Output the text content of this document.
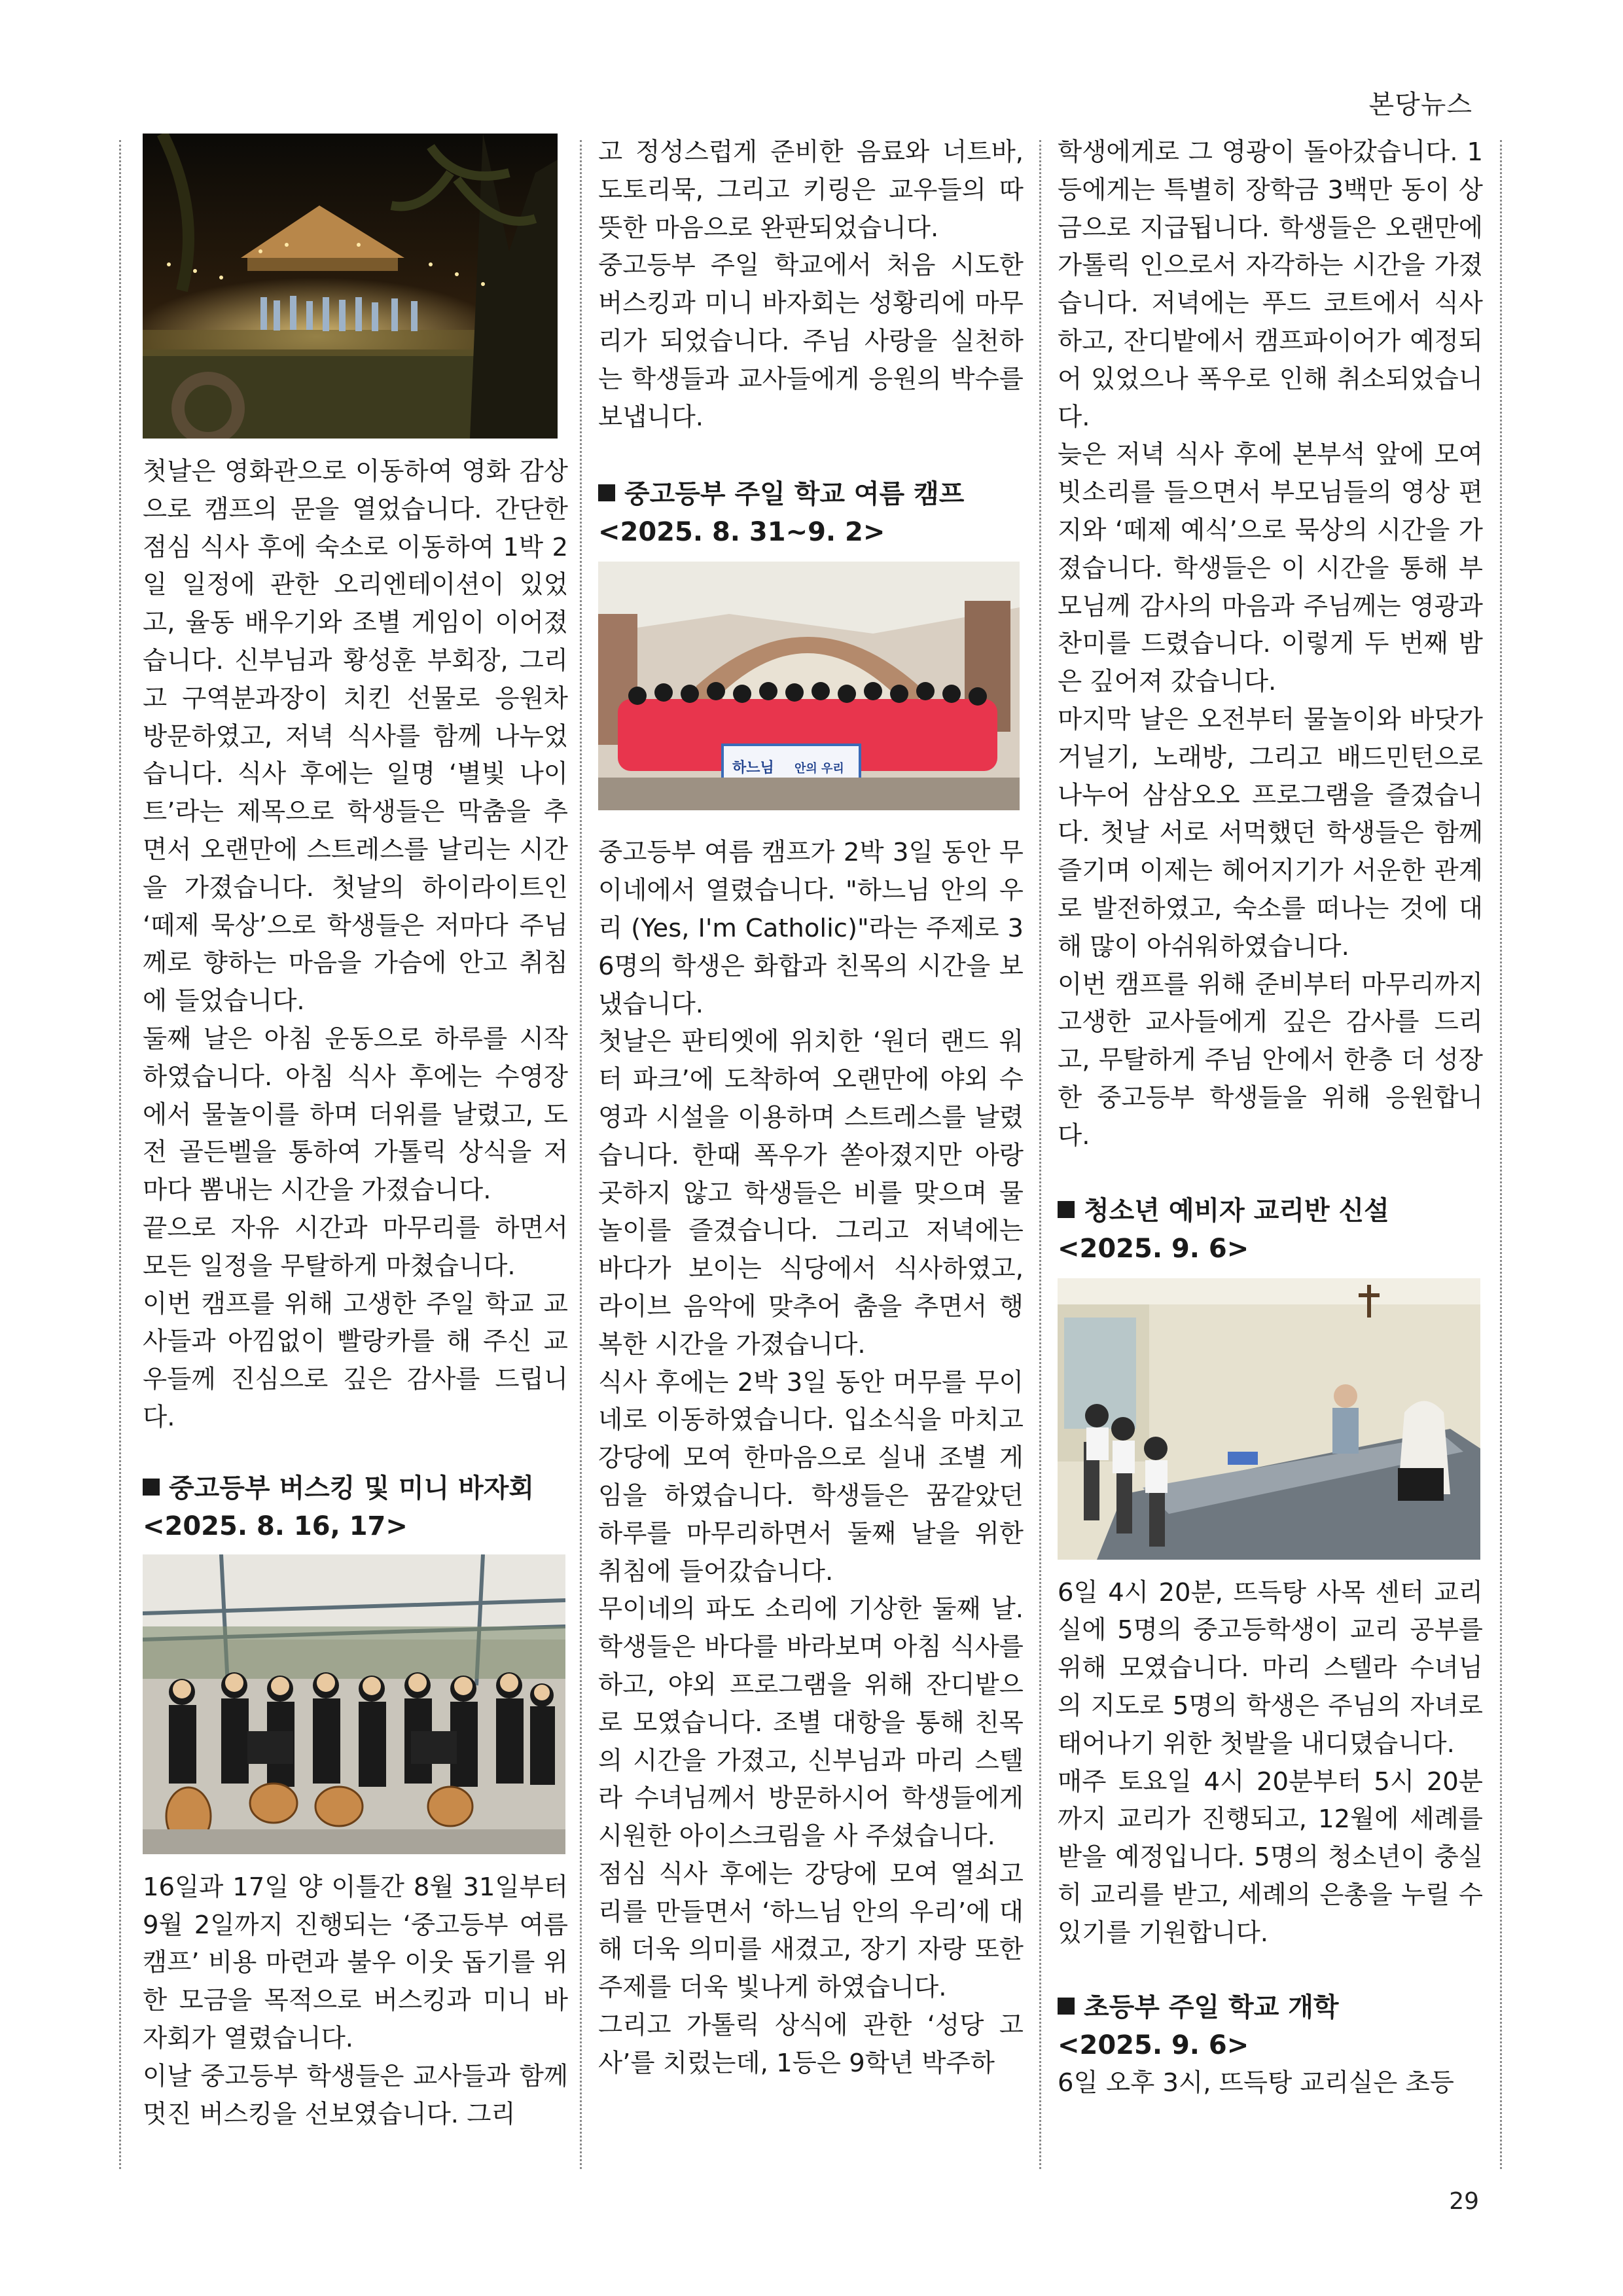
본당뉴스

첫날은 영화관으로 이동하여 영화 감상으로 캠프의 문을 열었습니다. 간단한 점심 식사 후에 숙소로 이동하여 1박 2일 일정에 관한 오리엔테이션이 있었고, 율동 배우기와 조별 게임이 이어졌습니다. 신부님과 황성훈 부회장, 그리고 구역분과장이 치킨 선물로 응원차 방문하였고, 저녁 식사를 함께 나누었습니다. 식사 후에는 일명 ‘별빛 나이트’라는 제목으로 학생들은 막춤을 추면서 오랜만에 스트레스를 날리는 시간을 가졌습니다. 첫날의 하이라이트인 ‘떼제 묵상’으로 학생들은 저마다 주님께로 향하는 마음을 가슴에 안고 취침에 들었습니다.

둘째 날은 아침 운동으로 하루를 시작하였습니다. 아침 식사 후에는 수영장에서 물놀이를 하며 더위를 날렸고, 도전 골든벨을 통하여 가톨릭 상식을 저마다 뽐내는 시간을 가졌습니다.

끝으로 자유 시간과 마무리를 하면서 모든 일정을 무탈하게 마쳤습니다.

이번 캠프를 위해 고생한 주일 학교 교사들과 아낌없이 빨랑카를 해 주신 교우들께 진심으로 깊은 감사를 드립니다.

중고등부 버스킹 및 미니 바자회

<2025. 8. 16, 17>

16일과 17일 양 이틀간 8월 31일부터 9월 2일까지 진행되는 ‘중고등부 여름 캠프’ 비용 마련과 불우 이웃 돕기를 위한 모금을 목적으로 버스킹과 미니 바자회가 열렸습니다.

이날 중고등부 학생들은 교사들과 함께 멋진 버스킹을 선보였습니다. 그리

고 정성스럽게 준비한 음료와 너트바, 도토리묵, 그리고 키링은 교우들의 따뜻한 마음으로 완판되었습니다.

중고등부 주일 학교에서 처음 시도한 버스킹과 미니 바자회는 성황리에 마무리가 되었습니다. 주님 사랑을 실천하는 학생들과 교사들에게 응원의 박수를 보냅니다.

중고등부 주일 학교 여름 캠프

<2025. 8. 31~9. 2>

하느님 안의 우리

중고등부 여름 캠프가 2박 3일 동안 무이네에서 열렸습니다. "하느님 안의 우리 (Yes, I'm Catholic)"라는 주제로 36명의 학생은 화합과 친목의 시간을 보냈습니다.

첫날은 판티엣에 위치한 ‘원더 랜드 워터 파크’에 도착하여 오랜만에 야외 수영과 시설을 이용하며 스트레스를 날렸습니다. 한때 폭우가 쏟아졌지만 아랑곳하지 않고 학생들은 비를 맞으며 물놀이를 즐겼습니다. 그리고 저녁에는 바다가 보이는 식당에서 식사하였고, 라이브 음악에 맞추어 춤을 추면서 행복한 시간을 가졌습니다.

식사 후에는 2박 3일 동안 머무를 무이네로 이동하였습니다. 입소식을 마치고 강당에 모여 한마음으로 실내 조별 게임을 하였습니다. 학생들은 꿈같았던 하루를 마무리하면서 둘째 날을 위한 취침에 들어갔습니다.

무이네의 파도 소리에 기상한 둘째 날. 학생들은 바다를 바라보며 아침 식사를 하고, 야외 프로그램을 위해 잔디밭으로 모였습니다. 조별 대항을 통해 친목의 시간을 가졌고, 신부님과 마리 스텔라 수녀님께서 방문하시어 학생들에게 시원한 아이스크림을 사 주셨습니다.

점심 식사 후에는 강당에 모여 열쇠고리를 만들면서 ‘하느님 안의 우리’에 대해 더욱 의미를 새겼고, 장기 자랑 또한 주제를 더욱 빛나게 하였습니다.

그리고 가톨릭 상식에 관한 ‘성당 고사’를 치렀는데, 1등은 9학년 박주하

학생에게로 그 영광이 돌아갔습니다. 1등에게는 특별히 장학금 3백만 동이 상금으로 지급됩니다. 학생들은 오랜만에 가톨릭 인으로서 자각하는 시간을 가졌습니다. 저녁에는 푸드 코트에서 식사하고, 잔디밭에서 캠프파이어가 예정되어 있었으나 폭우로 인해 취소되었습니다.

늦은 저녁 식사 후에 본부석 앞에 모여 빗소리를 들으면서 부모님들의 영상 편지와 ‘떼제 예식’으로 묵상의 시간을 가졌습니다. 학생들은 이 시간을 통해 부모님께 감사의 마음과 주님께는 영광과 찬미를 드렸습니다. 이렇게 두 번째 밤은 깊어져 갔습니다.

마지막 날은 오전부터 물놀이와 바닷가 거닐기, 노래방, 그리고 배드민턴으로 나누어 삼삼오오 프로그램을 즐겼습니다. 첫날 서로 서먹했던 학생들은 함께 즐기며 이제는 헤어지기가 서운한 관계로 발전하였고, 숙소를 떠나는 것에 대해 많이 아쉬워하였습니다.

이번 캠프를 위해 준비부터 마무리까지 고생한 교사들에게 깊은 감사를 드리고, 무탈하게 주님 안에서 한층 더 성장한 중고등부 학생들을 위해 응원합니다.

청소년 예비자 교리반 신설

<2025. 9. 6>

6일 4시 20분, 뜨득탕 사목 센터 교리실에 5명의 중고등학생이 교리 공부를 위해 모였습니다. 마리 스텔라 수녀님의 지도로 5명의 학생은 주님의 자녀로 태어나기 위한 첫발을 내디뎠습니다.

매주 토요일 4시 20분부터 5시 20분까지 교리가 진행되고, 12월에 세례를 받을 예정입니다. 5명의 청소년이 충실히 교리를 받고, 세례의 은총을 누릴 수 있기를 기원합니다.

초등부 주일 학교 개학

<2025. 9. 6>

6일 오후 3시, 뜨득탕 교리실은 초등

29
